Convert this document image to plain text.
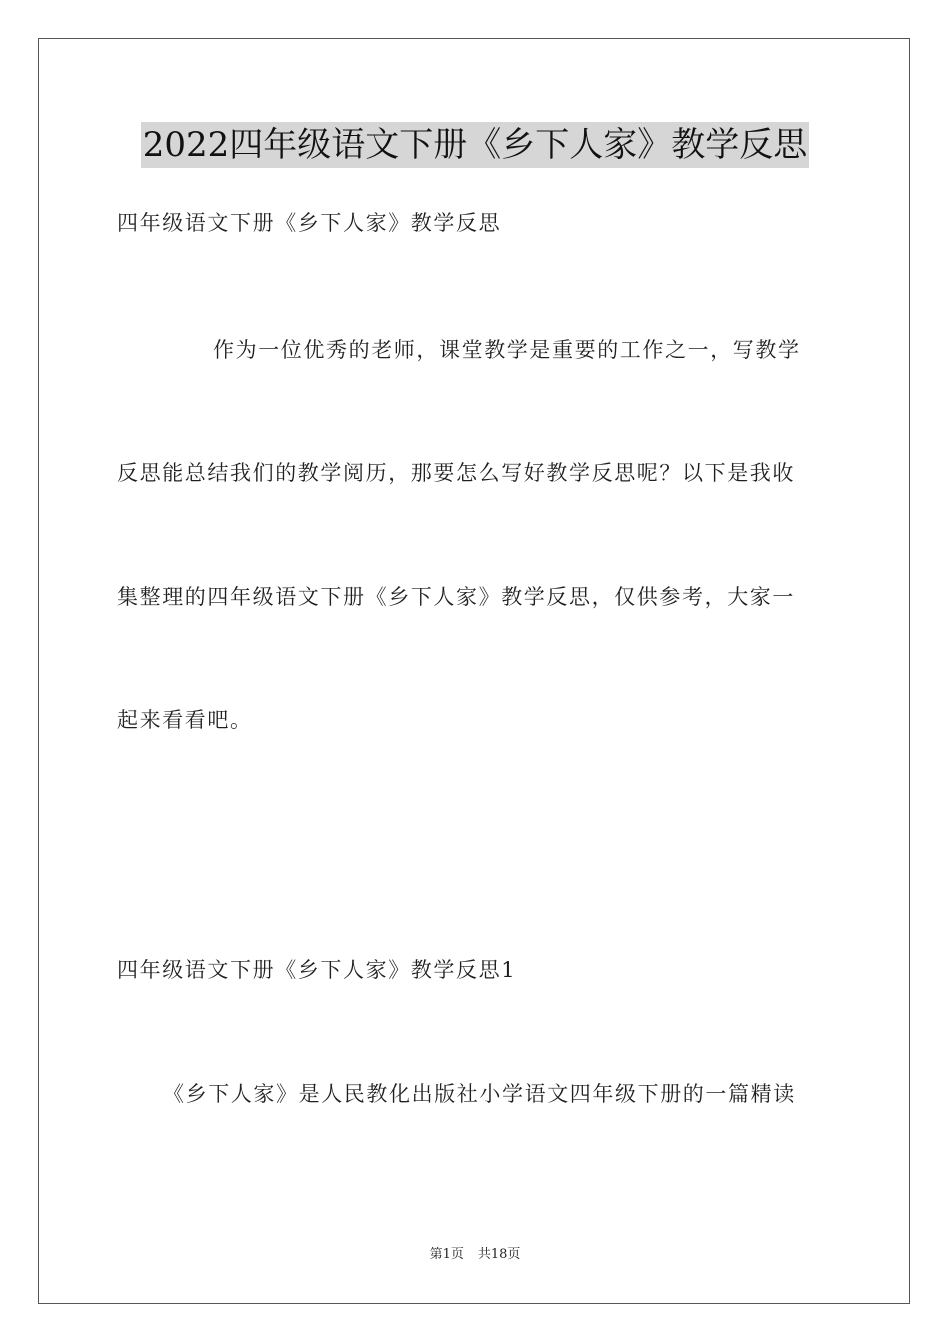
2022四年级语文下册《乡下人家》教学反思
四年级语文下册《乡下人家》教学反思
作为一位优秀的老师，课堂教学是重要的工作之一，写教学
反思能总结我们的教学阅历，那要怎么写好教学反思呢？以下是我收
集整理的四年级语文下册《乡下人家》教学反思，仅供参考，大家一
起来看看吧。
四年级语文下册《乡下人家》教学反思1
《乡下人家》是人民教化出版社小学语文四年级下册的一篇精读
第1页 共18页
